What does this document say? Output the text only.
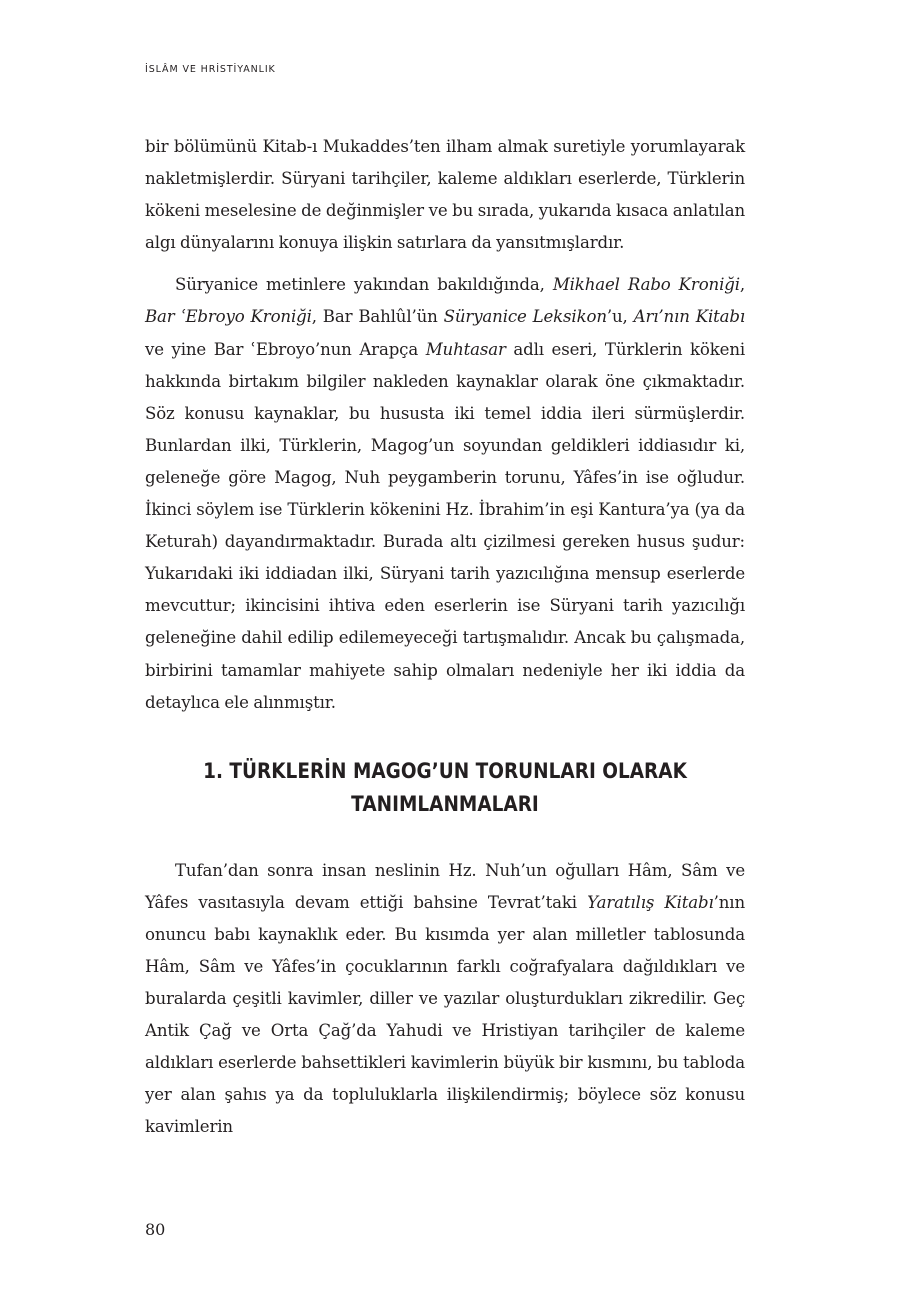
İSLÂM VE HRİSTİYANLIK

bir bölümünü Kitab-ı Mukaddes’ten ilham almak suretiyle yorumlayarak nakletmişlerdir. Süryani tarihçiler, kaleme aldıkları eserlerde, Türklerin kökeni meselesine de değinmişler ve bu sırada, yukarıda kısaca anlatılan algı dünyalarını konuya ilişkin satırlara da yansıtmışlardır.

Süryanice metinlere yakından bakıldığında, Mikhael Rabo Kroniği, Bar ʿEbroyo Kroniği, Bar Bahlûl’ün Süryanice Leksikon’u, Arı’nın Kitabı ve yine Bar ʿEbroyo’nun Arapça Muhtasar adlı eseri, Türklerin kökeni hakkında birtakım bilgiler nakleden kaynaklar olarak öne çıkmaktadır. Söz konusu kaynaklar, bu hususta iki temel iddia ileri sürmüşlerdir. Bunlardan ilki, Türklerin, Magog’un soyundan geldikleri iddiasıdır ki, geleneğe göre Magog, Nuh peygamberin torunu, Yâfes’in ise oğludur. İkinci söylem ise Türklerin kökenini Hz. İbrahim’in eşi Kantura’ya (ya da Keturah) dayandırmaktadır. Burada altı çizilmesi gereken husus şudur: Yukarıdaki iki iddiadan ilki, Süryani tarih yazıcılığına mensup eserlerde mevcuttur; ikincisini ihtiva eden eserlerin ise Süryani tarih yazıcılığı geleneğine dahil edilip edilemeyeceği tartışmalıdır. Ancak bu çalışmada, birbirini tamamlar mahiyete sahip olmaları nedeniyle her iki iddia da detaylıca ele alınmıştır.

1. TÜRKLERİN MAGOG’UN TORUNLARI OLARAK
TANIMLANMALARI

Tufan’dan sonra insan neslinin Hz. Nuh’un oğulları Hâm, Sâm ve Yâfes vasıtasıyla devam ettiği bahsine Tevrat’taki Yaratılış Kitabı’nın onuncu babı kaynaklık eder. Bu kısımda yer alan milletler tablosunda Hâm, Sâm ve Yâfes’in çocuklarının farklı coğrafyalara dağıldıkları ve buralarda çeşitli kavimler, diller ve yazılar oluşturdukları zikredilir. Geç Antik Çağ ve Orta Çağ’da Yahudi ve Hristiyan tarihçiler de kaleme aldıkları eserlerde bahsettikleri kavimlerin büyük bir kısmını, bu tabloda yer alan şahıs ya da topluluklarla ilişkilendirmiş; böylece söz konusu kavimlerin

80
